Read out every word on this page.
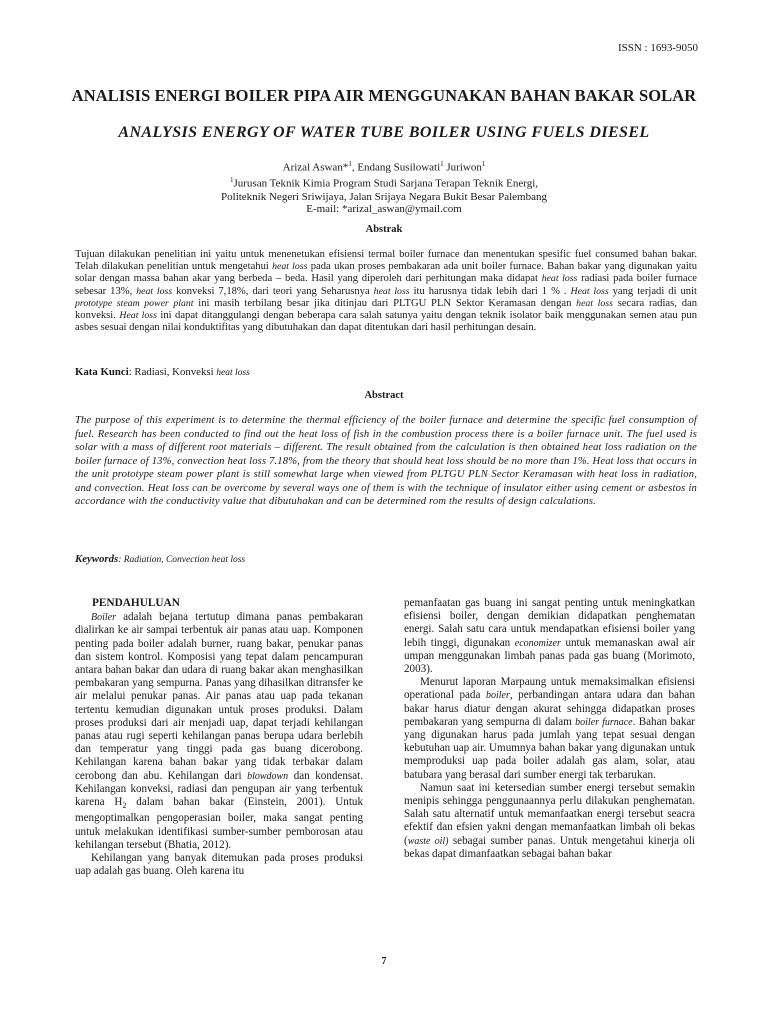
ISSN : 1693-9050
ANALISIS ENERGI BOILER PIPA AIR MENGGUNAKAN BAHAN BAKAR SOLAR
ANALYSIS ENERGY OF WATER TUBE BOILER USING FUELS DIESEL
Arizal Aswan*$^1$, Endang Susilowati$^1$ Juriwon$^1$
$^1$Jurusan Teknik Kimia Program Studi Sarjana Terapan Teknik Energi,
Politeknik Negeri Sriwijaya, Jalan Srijaya Negara Bukit Besar Palembang
E-mail: *arizal_aswan@ymail.com
Abstrak
Tujuan dilakukan penelitian ini yaitu untuk menenetukan efisiensi termal boiler furnace dan menentukan spesific fuel consumed bahan bakar. Telah dilakukan penelitian untuk mengetahui heat loss pada ukan proses pembakaran ada unit boiler furnace. Bahan bakar yang digunakan yaitu solar dengan massa bahan akar yang berbeda – beda. Hasil yang diperoleh dari perhitungan maka didapat heat loss radiasi pada boiler furnace sebesar 13%, heat loss konveksi 7,18%, dari teori yang Seharusnya heat loss itu harusnya tidak lebih dari 1 % . Heat loss yang terjadi di unit prototype steam power plant ini masih terbilang besar jika ditinjau dari PLTGU PLN Sektor Keramasan dengan heat loss secara radias, dan konveksi. Heat loss ini dapat ditanggulangi dengan beberapa cara salah satunya yaitu dengan teknik isolator baik menggunakan semen atau pun asbes sesuai dengan nilai konduktifitas yang dibutuhakan dan dapat ditentukan dari hasil perhitungan desain.
Kata Kunci: Radiasi, Konveksi heat loss
Abstract
The purpose of this experiment is to determine the thermal efficiency of the boiler furnace and determine the specific fuel consumption of fuel. Research has been conducted to find out the heat loss of fish in the combustion process there is a boiler furnace unit. The fuel used is solar with a mass of different root materials – different. The result obtained from the calculation is then obtained heat loss radiation on the boiler furnace of 13%, convection heat loss 7.18%, from the theory that should heat loss should be no more than 1%. Heat loss that occurs in the unit prototype steam power plant is still somewhat large when viewed from PLTGU PLN Sector Keramasan with heat loss in radiation, and convection. Heat loss can be overcome by several ways one of them is with the technique of insulator either using cement or asbestos in accordance with the conductivity value that dibutuhakan and can be determined rom the results of design calculations.
Keywords: Radiation, Convection heat loss
PENDAHULUAN

Boiler adalah bejana tertutup dimana panas pembakaran dialirkan ke air sampai terbentuk air panas atau uap. Komponen penting pada boiler adalah burner, ruang bakar, penukar panas dan sistem kontrol. Komposisi yang tepat dalam pencampuran antara bahan bakar dan udara di ruang bakar akan menghasilkan pembakaran yang sempurna. Panas yang dihasilkan ditransfer ke air melalui penukar panas. Air panas atau uap pada tekanan tertentu kemudian digunakan untuk proses produksi. Dalam proses produksi dari air menjadi uap, dapat terjadi kehilangan panas atau rugi seperti kehilangan panas berupa udara berlebih dan temperatur yang tinggi pada gas buang dicerobong. Kehilangan karena bahan bakar yang tidak terbakar dalam cerobong dan abu. Kehilangan dari blowdown dan kondensat. Kehilangan konveksi, radiasi dan pengupan air yang terbentuk karena $H_2$ dalam bahan bakar (Einstein, 2001). Untuk mengoptimalkan pengoperasian boiler, maka sangat penting untuk melakukan identifikasi sumber-sumber pemborosan atau kehilangan tersebut (Bhatia, 2012).

Kehilangan yang banyak ditemukan pada proses produksi uap adalah gas buang. Oleh karena itu

pemanfaatan gas buang ini sangat penting untuk meningkatkan efisiensi boiler, dengan demikian didapatkan penghematan energi. Salah satu cara untuk mendapatkan efisiensi boiler yang lebih tinggi, digunakan economizer untuk memanaskan awal air umpan menggunakan limbah panas pada gas buang (Morimoto, 2003).

Menurut laporan Marpaung untuk memaksimalkan efisiensi operational pada boiler, perbandingan antara udara dan bahan bakar harus diatur dengan akurat sehingga didapatkan proses pembakaran yang sempurna di dalam boiler furnace. Bahan bakar yang digunakan harus pada jumlah yang tepat sesuai dengan kebutuhan uap air. Umumnya bahan bakar yang digunakan untuk memproduksi uap pada boiler adalah gas alam, solar, atau batubara yang berasal dari sumber energi tak terbarukan.

Namun saat ini ketersedian sumber energi tersebut semakin menipis sehingga penggunaannya perlu dilakukan penghematan. Salah satu alternatif untuk memanfaatkan energi tersebut seacra efektif dan efsien yakni dengan memanfaatkan limbah oli bekas (waste oil) sebagai sumber panas. Untuk mengetahui kinerja oli bekas dapat dimanfaatkan sebagai bahan bakar

7
